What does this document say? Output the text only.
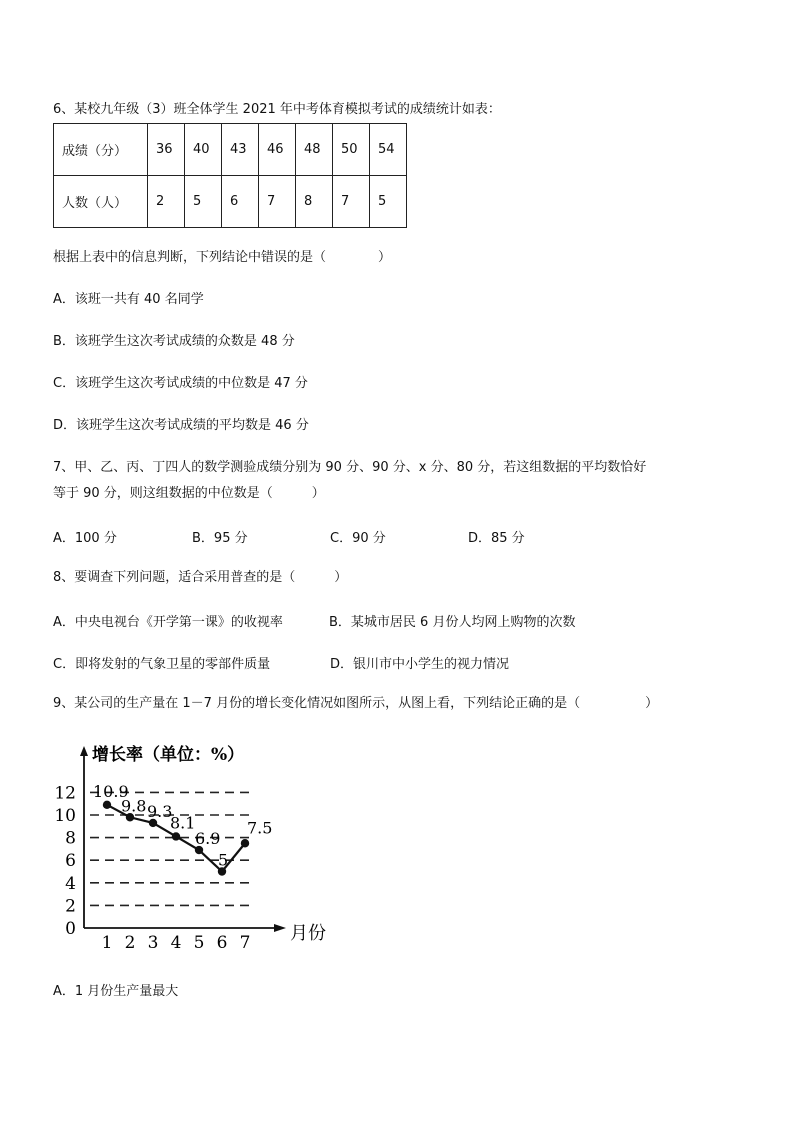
6、某校九年级（3）班全体学生 2021 年中考体育模拟考试的成绩统计如表：
成绩（分）	36	40	43	46	48	50	54
人数（人）	2	5	6	7	8	7	5
根据上表中的信息判断，下列结论中错误的是（　　　　）
A．该班一共有 40 名同学
B．该班学生这次考试成绩的众数是 48 分
C．该班学生这次考试成绩的中位数是 47 分
D．该班学生这次考试成绩的平均数是 46 分
7、甲、乙、丙、丁四人的数学测验成绩分别为 90 分、90 分、x 分、80 分，若这组数据的平均数恰好
等于 90 分，则这组数据的中位数是（　　　）
A．100 分	B．95 分	C．90 分	D．85 分
8、要调查下列问题，适合采用普查的是（　　　）
A．中央电视台《开学第一课》的收视率	B．某城市居民 6 月份人均网上购物的次数
C．即将发射的气象卫星的零部件质量	D．银川市中小学生的视力情况
9、某公司的生产量在 1－7 月份的增长变化情况如图所示，从图上看，下列结论正确的是（　　　　　）
增长率（单位：%）
月份
0
2
4
6
8
10
12
1 2 3 4 5 6 7
10.9
9.8 9.3
8.1
6.9
5
7.5
A．1 月份生产量最大
